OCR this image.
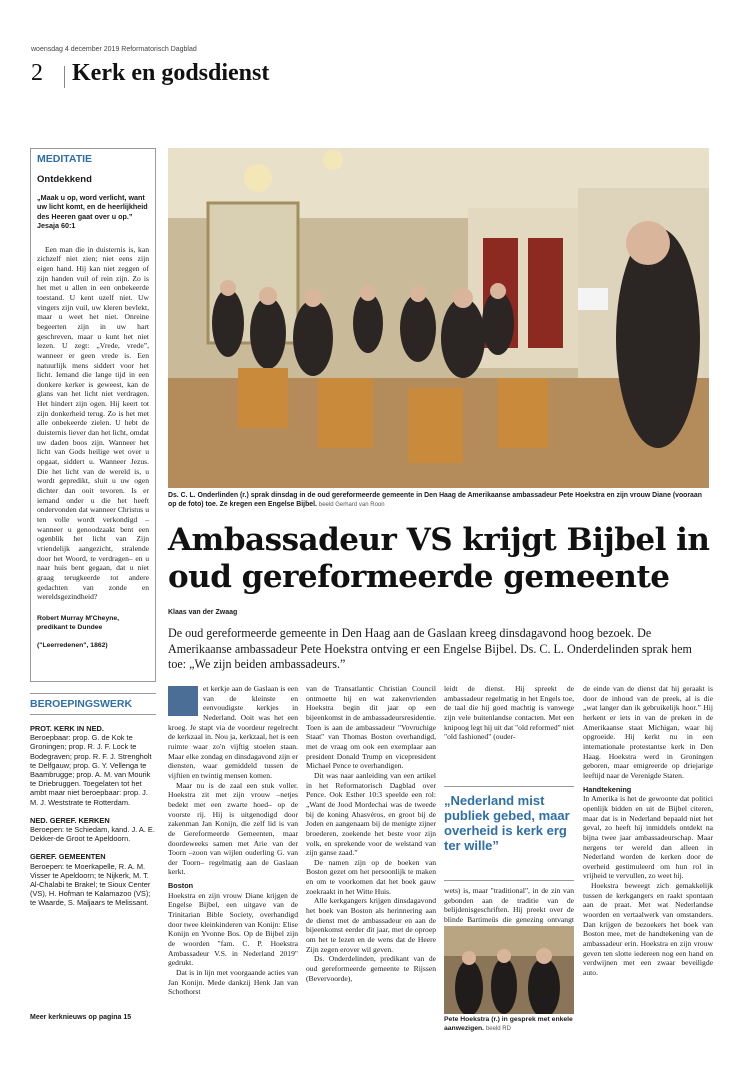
woensdag 4 december 2019 Reformatorisch Dagblad
2 Kerk en godsdienst
MEDITATIE
Ontdekkend
„Maak u op, word verlicht, want uw licht komt, en de heerlijkheid des Heeren gaat over u op.” Jesaja 60:1
Een man die in duisternis is, kan zichzelf niet zien; niet eens zijn eigen hand. Hij kan niet zeggen of zijn handen vuil of rein zijn. Zo is het met u allen in een onbekeerde toestand. U kent uzelf niet. Uw vingers zijn vuil, uw kleren bevlekt, maar u weet het niet. Onreine begeerten zijn in uw hart geschreven, maar u kunt het niet lezen. U zegt: „Vrede, vrede”, wanneer er geen vrede is. Een natuurlijk mens siddert voor het licht. Iemand die lange tijd in een donkere kerker is geweest, kan de glans van het licht niet verdragen. Het hindert zijn ogen. Hij keert tot zijn donkerheid terug. Zo is het met alle onbekeerde zielen. U hebt de duisternis liever dan het licht, omdat uw daden boos zijn. Wanneer het licht van Gods heilige wet over u opgaat, siddert u. Wanneer Jezus. Die het licht van de wereld is, u wordt gepredikt, sluit u uw ogen dichter dan ooit tevoren. Is er iemand onder u die het heeft ondervonden dat wanneer Christus u ten volle wordt verkondigd –wanneer u genoodzaakt bent een ogenblik het licht van Zijn vriendelijk aangezicht, stralende door het Woord, te verdragen– en u naar huis bent gegaan, dat u niet graag terugkeerde tot andere gedachten van zonde en wereldsgezindheid?
Robert Murray M'Cheyne, predikant te Dundee
("Leerredenen", 1862)
BEROEPINGSWERK
PROT. KERK IN NED.
Beroepbaar: prop. G. de Kok te Groningen; prop. R. J. F. Lock te Bodegraven; prop. R. F. J. Strengholt te Delfgauw; prop. G. Y. Vellenga te Baambrugge; prop. A. M. van Mourik te Driebruggen. Toegelaten tot het ambt maar niet beroepbaar: prop. J. M. J. Weststrate te Rotterdam.
NED. GEREF. KERKEN
Beroepen: te Schiedam, kand. J. A. E. Dekker-de Groot te Apeldoorn.
GEREF. GEMEENTEN
Beroepen: te Moerkapelle, R. A. M. Visser te Apeldoorn; te Nijkerk, M. T. Al-Chalabi te Brakel; te Sioux Center (VS), H. Hofman te Kalamazoo (VS); te Waarde, S. Maljaars te Melissant.
Meer kerknieuws op pagina 15
Ds. C. L. Onderlinden (r.) sprak dinsdag in de oud gereformeerde gemeente in Den Haag de Amerikaanse ambassadeur Pete Hoekstra en zijn vrouw Diane (vooraan op de foto) toe. Ze kregen een Engelse Bijbel. beeld Gerhard van Roon
Ambassadeur VS krijgt Bijbel in oud gereformeerde gemeente
Klaas van der Zwaag
De oud gereformeerde gemeente in Den Haag aan de Gaslaan kreeg dinsdagavond hoog bezoek. De Amerikaanse ambassadeur Pete Hoekstra ontving er een Engelse Bijbel. Ds. C. L. Onderdelinden sprak hem toe: „We zijn beiden ambassadeurs.”

et kerkje aan de Gaslaan is een van de kleinste en eenvoudigste kerkjes in Nederland. Ooit was het een kroeg. Je stapt via de voordeur regelrecht de kerkzaal in. Nou ja, kerkzaal, het is een ruimte waar zo'n vijftig stoelen staan. Maar elke zondag en dinsdagavond zijn er diensten, waar gemiddeld tussen de vijftien en twintig mensen komen.

Maar nu is de zaal een stuk voller. Hoekstra zit met zijn vrouw –netjes bedekt met een zwarte hoed– op de voorste rij. Hij is uitgenodigd door zakenman Jan Konijn, die zelf lid is van de Gereformeerde Gemeenten, maar doordeweeks samen met Arie van der Toorn –zoon van wijlen ouderling G. van der Toorn– regelmatig aan de Gaslaan kerkt.

Boston

Hoekstra en zijn vrouw Diane krijgen de Engelse Bijbel, een uitgave van de Trinitarian Bible Society, overhandigd door twee kleinkinderen van Konijn: Elise Konijn en Yvonne Bos. Op de Bijbel zijn de woorden "fam. C. P. Hoekstra Ambassadeur V.S. in Nederland 2019" gedrukt.

Dat is in lijn met voorgaande acties van Jan Konijn. Mede dankzij Henk Jan van Schothorst

van de Transatlantic Christian Council ontmoette hij en wat zakenvrienden Hoekstra begin dit jaar op een bijeenkomst in de ambassadeursresidentie. Toen is aan de ambassadeur "Vovruchige Staat" van Thomas Boston overhandigd, met de vraag om ook een exemplaar aan president Donald Trump en vicepresident Michael Pence te overhandigen.

Dit was naar aanleiding van een artikel in het Reformatorisch Dagblad over Pence. Ook Esther 10:3 speelde een rol: „Want de Jood Mordechai was de tweede bij de koning Ahasvéros, en groot bij de Joden en aangenaam bij de menigte zijner broederen, zoekende het beste voor zijn volk, en sprekende voor de welstand van zijn ganse zaad.”

De namen zijn op de boeken van Boston gezet om het persoonlijk te maken en om te voorkomen dat het boek gauw zoekraakt in het Witte Huis.

Alle kerkgangers krijgen dinsdagavond het boek van Boston als herinnering aan de dienst met de ambassadeur en aan de bijeenkomst eerder dit jaar, met de oproep om het te lezen en de wens dat de Heere Zijn zegen erover wil geven.

Ds. Onderdelinden, predikant van de oud gereformeerde gemeente te Rijssen (Bevervoorde),

leidt de dienst. Hij spreekt de ambassadeur regelmatig in het Engels toe, de taal die hij goed machtig is vanwege zijn vele buitenlandse contacten. Met een knipoog legt hij uit dat "old reformed" niet "old fashioned" (ouder-

„Nederland mist publiek gebed, maar overheid is kerk erg ter wille”

wets) is, maar "traditional", in de zin van gebonden aan de traditie van de belijdenisgeschriften. Hij preekt over de blinde Bartimeüs die genezing ontvangt

Pete Hoekstra (r.) in gesprek met enkele aanwezigen. beeld RD

de einde van de dienst dat hij geraakt is door de inhoud van de preek, al is die „wat langer dan ik gebruikelijk hoor.” Hij herkent er iets in van de preken in de Amerikaanse staat Michigan, waar hij opgroeide. Hij kerkt nu in een internationale protestantse kerk in Den Haag. Hoekstra werd in Groningen geboren, maar emigreerde op driejarige leeftijd naar de Verenigde Staten.

Handtekening

In Amerika is het de gewoonte dat politici openlijk bidden en uit de Bijbel citeren, maar dat is in Nederland bepaald niet het geval, zo heeft hij inmiddels ontdekt na bijna twee jaar ambassadeurschap. Maar nergens ter wereld dan alleen in Nederland worden de kerken door de overheid gestimuleerd om hun rol in vrijheid te vervullen, zo weet hij.

Hoekstra beweegt zich gemakkelijk tussen de kerkgangers en raakt spontaan aan de praat. Met wat Nederlandse woorden en vertaalwerk van omstanders. Dan krijgen de bezoekers het boek van Boston mee, met de handtekening van de ambassadeur erin. Hoekstra en zijn vrouw geven ten slotte iedereen nog een hand en verdwijnen met een zwaar beveiligde auto.
